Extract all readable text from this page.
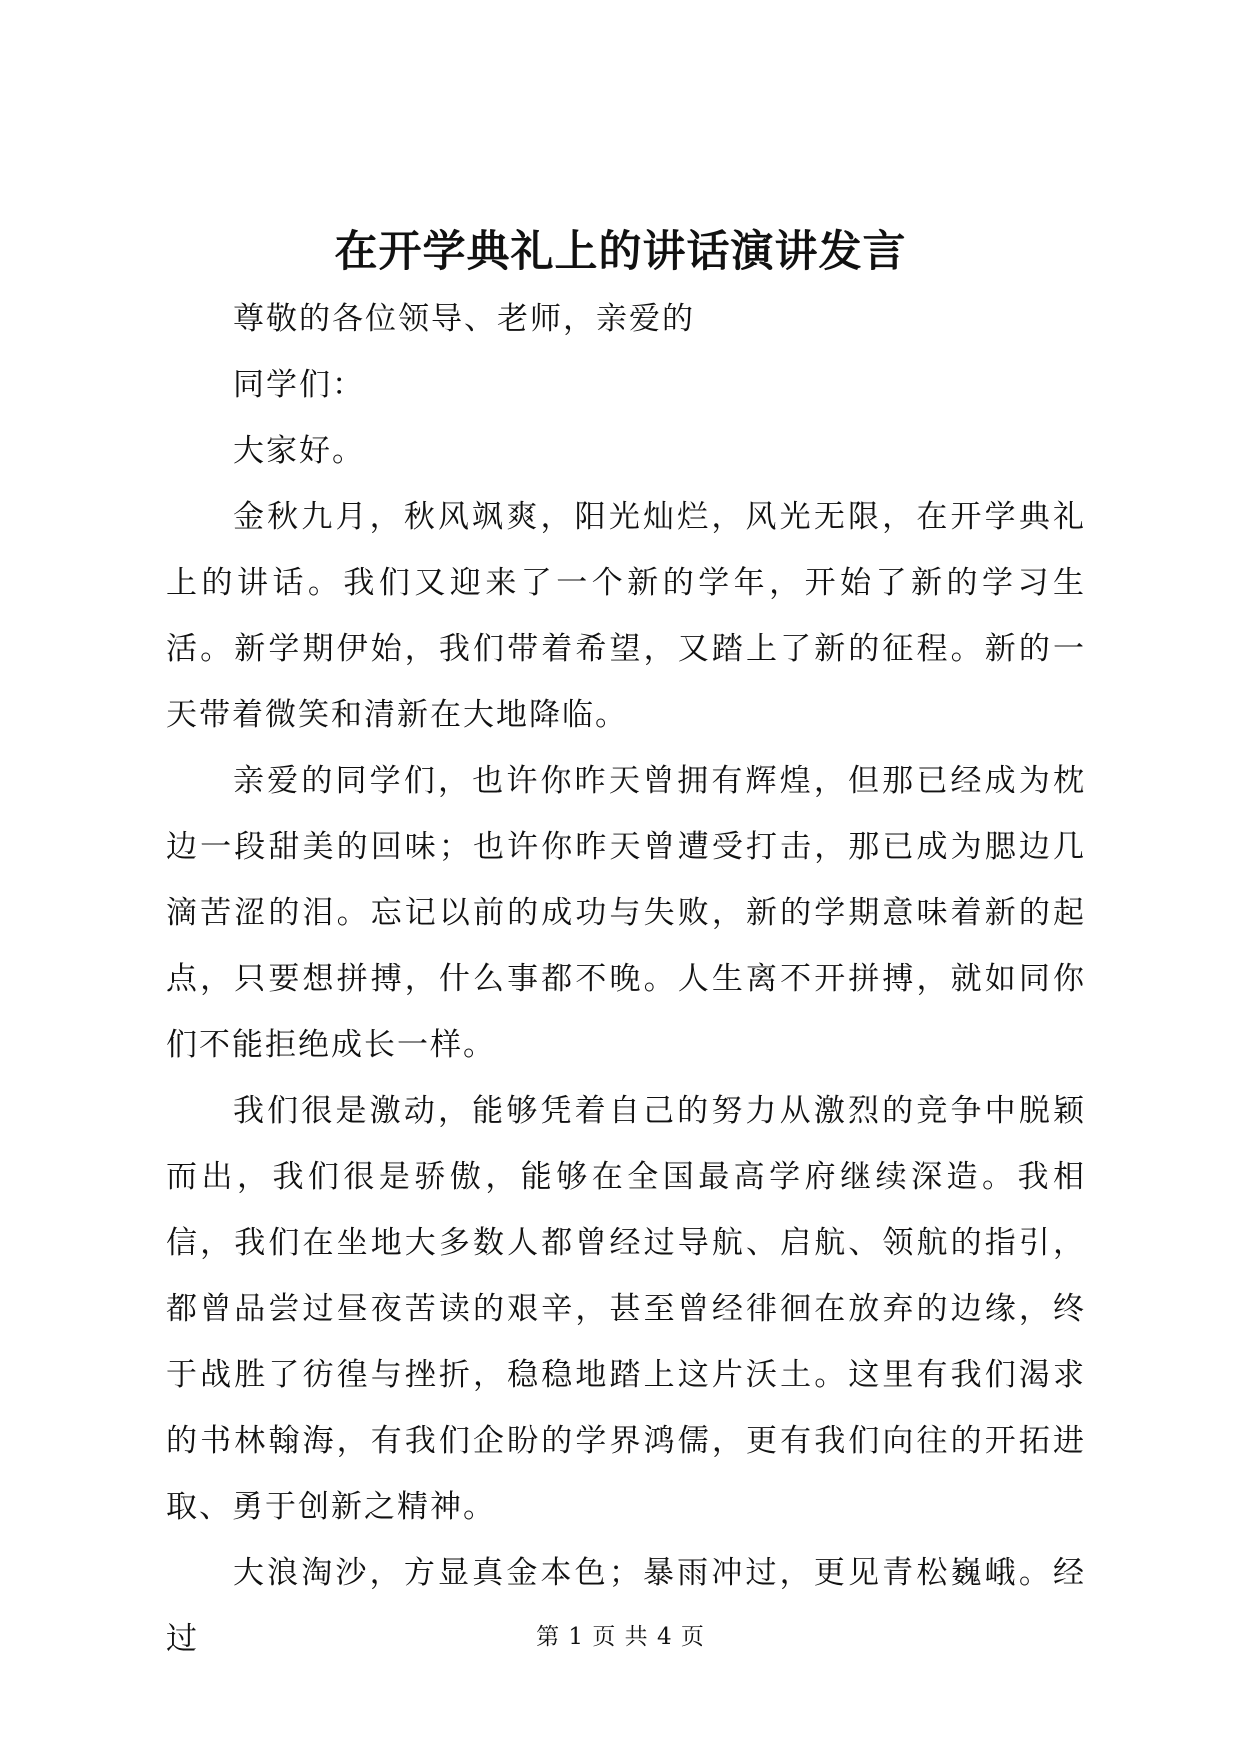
在开学典礼上的讲话演讲发言

尊敬的各位领导、老师，亲爱的

同学们：

大家好。

金秋九月，秋风飒爽，阳光灿烂，风光无限，在开学典礼上的讲话。我们又迎来了一个新的学年，开始了新的学习生活。新学期伊始，我们带着希望，又踏上了新的征程。新的一天带着微笑和清新在大地降临。

亲爱的同学们，也许你昨天曾拥有辉煌，但那已经成为枕边一段甜美的回味；也许你昨天曾遭受打击，那已成为腮边几滴苦涩的泪。忘记以前的成功与失败，新的学期意味着新的起点，只要想拼搏，什么事都不晚。人生离不开拼搏，就如同你们不能拒绝成长一样。

我们很是激动，能够凭着自己的努力从激烈的竞争中脱颖而出，我们很是骄傲，能够在全国最高学府继续深造。我相信，我们在坐地大多数人都曾经过导航、启航、领航的指引，都曾品尝过昼夜苦读的艰辛，甚至曾经徘徊在放弃的边缘，终于战胜了彷徨与挫折，稳稳地踏上这片沃土。这里有我们渴求的书林翰海，有我们企盼的学界鸿儒，更有我们向往的开拓进取、勇于创新之精神。

大浪淘沙，方显真金本色；暴雨冲过，更见青松巍峨。经过	第 1 页 共 4 页
